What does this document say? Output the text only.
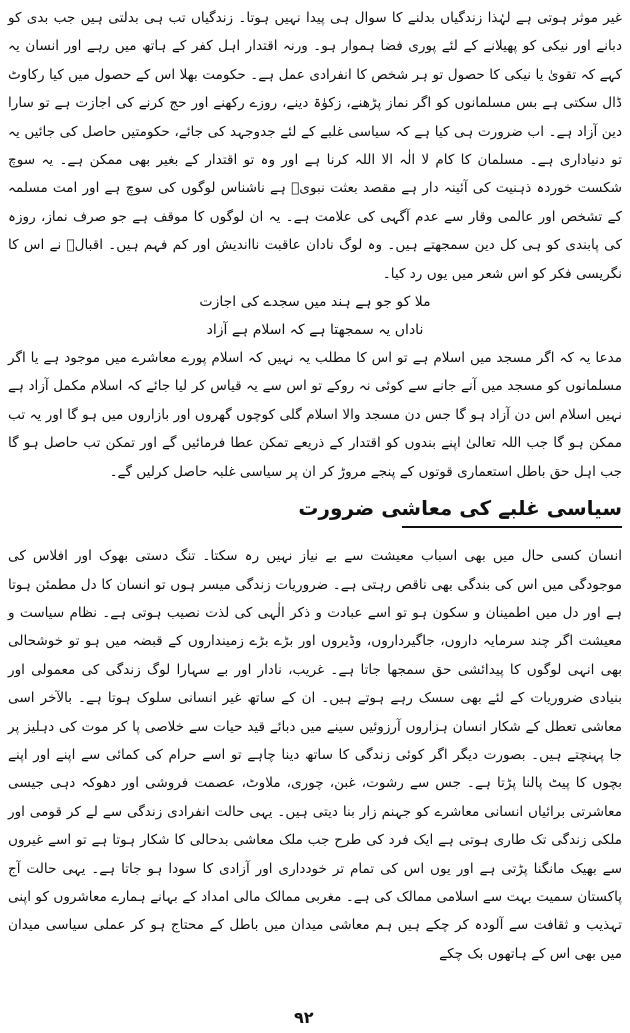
غیر موثر ہوتی ہے لہٰذا زندگیاں بدلنے کا سوال ہی پیدا نہیں ہوتا۔ زندگیاں تب ہی بدلتی ہیں جب بدی کو دبانے اور نیکی کو پھیلانے کے لئے پوری فضا ہموار ہو۔ ورنہ اقتدار اہل کفر کے ہاتھ میں رہے اور انسان یہ کہے کہ تقویٰ یا نیکی کا حصول تو ہر شخص کا انفرادی عمل ہے۔ حکومت بھلا اس کے حصول میں کیا رکاوٹ ڈال سکتی ہے بس مسلمانوں کو اگر نماز پڑھنے، زکوٰۃ دینے، روزے رکھنے اور حج کرنے کی اجازت ہے تو سارا دین آزاد ہے۔ اب ضرورت ہی کیا ہے کہ سیاسی غلبے کے لئے جدوجہد کی جائے، حکومتیں حاصل کی جائیں یہ تو دنیاداری ہے۔ مسلمان کا کام لا الٰہ الا اللہ کرنا ہے اور وہ تو اقتدار کے بغیر بھی ممکن ہے۔ یہ سوچ شکست خوردہ ذہنیت کی آئینہ دار ہے مقصد بعثت نبویؐ ہے ناشناس لوگوں کی سوچ ہے اور امت مسلمہ کے تشخص اور عالمی وقار سے عدم آگہی کی علامت ہے۔ یہ ان لوگوں کا موقف ہے جو صرف نماز، روزہ کی پابندی کو ہی کل دین سمجھتے ہیں۔ وہ لوگ نادان عاقبت نااندیش اور کم فہم ہیں۔ اقبالؒ نے اس کا نگریسی فکر کو اس شعر میں یوں رد کیا۔

ملا کو جو ہے ہند میں سجدے کی اجازت

ناداں یہ سمجھتا ہے کہ اسلام ہے آزاد

مدعا یہ کہ اگر مسجد میں اسلام ہے تو اس کا مطلب یہ نہیں کہ اسلام پورے معاشرے میں موجود ہے یا اگر مسلمانوں کو مسجد میں آنے جانے سے کوئی نہ روکے تو اس سے یہ قیاس کر لیا جائے کہ اسلام مکمل آزاد ہے نہیں اسلام اس دن آزاد ہو گا جس دن مسجد والا اسلام گلی کوچوں گھروں اور بازاروں میں ہو گا اور یہ تب ممکن ہو گا جب اللہ تعالیٰ اپنے بندوں کو اقتدار کے ذریعے تمکن عطا فرمائیں گے اور تمکن تب حاصل ہو گا جب اہل حق باطل استعماری قوتوں کے پنجے مروڑ کر ان پر سیاسی غلبہ حاصل کرلیں گے۔

سیاسی غلبے کی معاشی ضرورت

انسان کسی حال میں بھی اسباب معیشت سے بے نیاز نہیں رہ سکتا۔ تنگ دستی بھوک اور افلاس کی موجودگی میں اس کی بندگی بھی ناقص رہتی ہے۔ ضروریات زندگی میسر ہوں تو انسان کا دل مطمئن ہوتا ہے اور دل میں اطمینان و سکون ہو تو اسے عبادت و ذکر الٰہی کی لذت نصیب ہوتی ہے۔ نظام سیاست و معیشت اگر چند سرمایہ داروں، جاگیرداروں، وڈیروں اور بڑے بڑے زمینداروں کے قبضہ میں ہو تو خوشحالی بھی انہی لوگوں کا پیدائشی حق سمجھا جاتا ہے۔ غریب، نادار اور بے سہارا لوگ زندگی کی معمولی اور بنیادی ضروریات کے لئے بھی سسک رہے ہوتے ہیں۔ ان کے ساتھ غیر انسانی سلوک ہوتا ہے۔ بالآخر اسی معاشی تعطل کے شکار انسان ہزاروں آرزوئیں سینے میں دبائے قید حیات سے خلاصی پا کر موت کی دہلیز پر جا پہنچتے ہیں۔ بصورت دیگر اگر کوئی زندگی کا ساتھ دینا چاہے تو اسے حرام کی کمائی سے اپنے اور اپنے بچوں کا پیٹ پالنا پڑتا ہے۔ جس سے رشوت، غبن، چوری، ملاوٹ، عصمت فروشی اور دھوکہ دہی جیسی معاشرتی برائیاں انسانی معاشرے کو جہنم زار بنا دیتی ہیں۔ یہی حالت انفرادی زندگی سے لے کر قومی اور ملکی زندگی تک طاری ہوتی ہے ایک فرد کی طرح جب ملک معاشی بدحالی کا شکار ہوتا ہے تو اسے غیروں سے بھیک مانگنا پڑتی ہے اور یوں اس کی تمام تر خودداری اور آزادی کا سودا ہو جاتا ہے۔ یہی حالت آج پاکستان سمیت بہت سے اسلامی ممالک کی ہے۔ مغربی ممالک مالی امداد کے بہانے ہمارے معاشروں کو اپنی تہذیب و ثقافت سے آلودہ کر چکے ہیں ہم معاشی میدان میں باطل کے محتاج ہو کر عملی سیاسی میدان میں بھی اس کے ہاتھوں بک چکے

۹۲
